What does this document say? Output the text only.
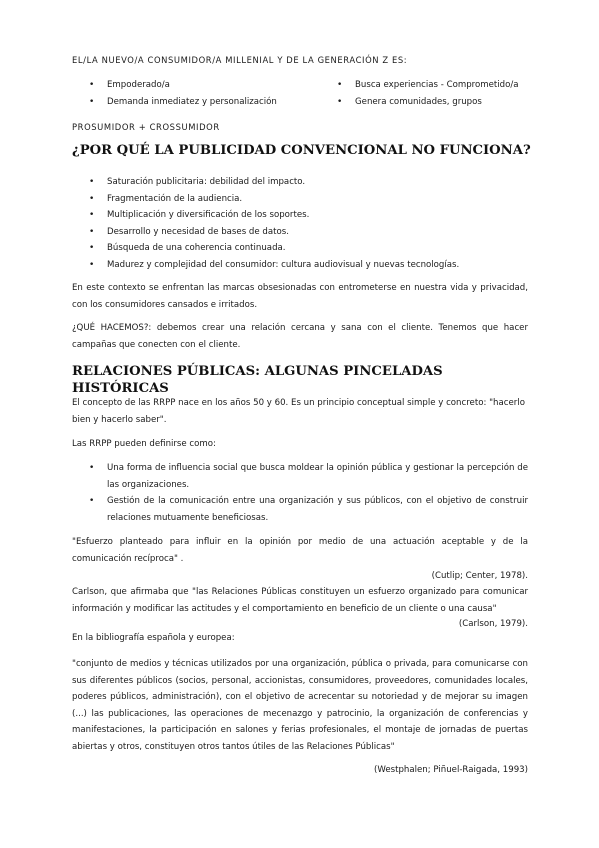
EL/LA NUEVO/A CONSUMIDOR/A MILLENIAL Y DE LA GENERACIÓN Z ES:
• Empoderado/a
• Demanda inmediatez y personalización
• Busca experiencias - Comprometido/a
• Genera comunidades, grupos
PROSUMIDOR + CROSSUMIDOR
¿POR QUÉ LA PUBLICIDAD CONVENCIONAL NO FUNCIONA?
• Saturación publicitaria: debilidad del impacto.
• Fragmentación de la audiencia.
• Multiplicación y diversificación de los soportes.
• Desarrollo y necesidad de bases de datos.
• Búsqueda de una coherencia continuada.
• Madurez y complejidad del consumidor: cultura audiovisual y nuevas tecnologías.

En este contexto se enfrentan las marcas obsesionadas con entrometerse en nuestra vida y privacidad, con los consumidores cansados e irritados.

¿QUÉ HACEMOS?: debemos crear una relación cercana y sana con el cliente. Tenemos que hacer campañas que conecten con el cliente.

RELACIONES PÚBLICAS: ALGUNAS PINCELADAS HISTÓRICAS

El concepto de las RRPP nace en los años 50 y 60. Es un principio conceptual simple y concreto: "hacerlo bien y hacerlo saber".

Las RRPP pueden definirse como:

• Una forma de influencia social que busca moldear la opinión pública y gestionar la percepción de las organizaciones.
• Gestión de la comunicación entre una organización y sus públicos, con el objetivo de construir relaciones mutuamente beneficiosas.

"Esfuerzo planteado para influir en la opinión por medio de una actuación aceptable y de la comunicación recíproca" .

(Cutlip; Center, 1978).

Carlson, que afirmaba que "las Relaciones Públicas constituyen un esfuerzo organizado para comunicar información y modificar las actitudes y el comportamiento en beneficio de un cliente o una causa"

(Carlson, 1979).

En la bibliografía española y europea:

"conjunto de medios y técnicas utilizados por una organización, pública o privada, para comunicarse con sus diferentes públicos (socios, personal, accionistas, consumidores, proveedores, comunidades locales, poderes públicos, administración), con el objetivo de acrecentar su notoriedad y de mejorar su imagen (...) las publicaciones, las operaciones de mecenazgo y patrocinio, la organización de conferencias y manifestaciones, la participación en salones y ferias profesionales, el montaje de jornadas de puertas abiertas y otros, constituyen otros tantos útiles de las Relaciones Públicas"

(Westphalen; Piñuel-Raigada, 1993)
